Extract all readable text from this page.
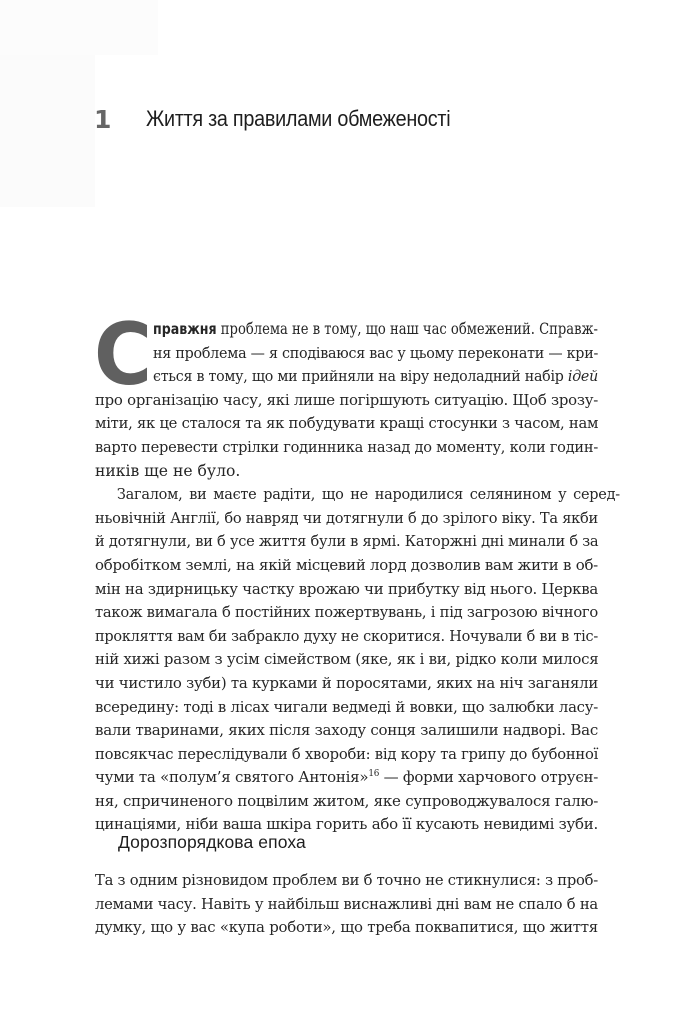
1	Життя за правилами обмеженості
С правжня проблема не в тому, що наш час обмежений. Справж-
ня проблема — я сподіваюся вас у цьому переконати — кри-
ється в тому, що ми прийняли на віру недоладний набір ідей
про організацію часу, які лише погіршують ситуацію. Щоб зрозу-
міти, як це сталося та як побудувати кращі стосунки з часом, нам
варто перевести стрілки годинника назад до моменту, коли годин-
ників ще не було.
Загалом, ви маєте радіти, що не народилися селянином у серед-
ньовічній Англії, бо навряд чи дотягнули б до зрілого віку. Та якби
й дотягнули, ви б усе життя були в ярмі. Каторжні дні минали б за
обробітком землі, на якій місцевий лорд дозволив вам жити в об-
мін на здирницьку частку врожаю чи прибутку від нього. Церква
також вимагала б постійних пожертвувань, і під загрозою вічного
прокляття вам би забракло духу не скоритися. Ночували б ви в тіс-
ній хижі разом з усім сімейством (яке, як і ви, рідко коли милося
чи чистило зуби) та курками й поросятами, яких на ніч заганяли
всередину: тоді в лісах чигали ведмеді й вовки, що залюбки ласу-
вали тваринами, яких після заходу сонця залишили надворі. Вас
повсякчас переслідували б хвороби: від кору та грипу до бубонної
чуми та «полум’я святого Антонія»$^{16}$ — форми харчового отруєн-
ня, спричиненого поцвілим житом, яке супроводжувалося галю-
цинаціями, ніби ваша шкіра горить або її кусають невидимі зуби.
Дорозпорядкова епоха
Та з одним різновидом проблем ви б точно не стикнулися: з проб-
лемами часу. Навіть у найбільш виснажливі дні вам не спало б на
думку, що у вас «купа роботи», що треба поквапитися, що життя
